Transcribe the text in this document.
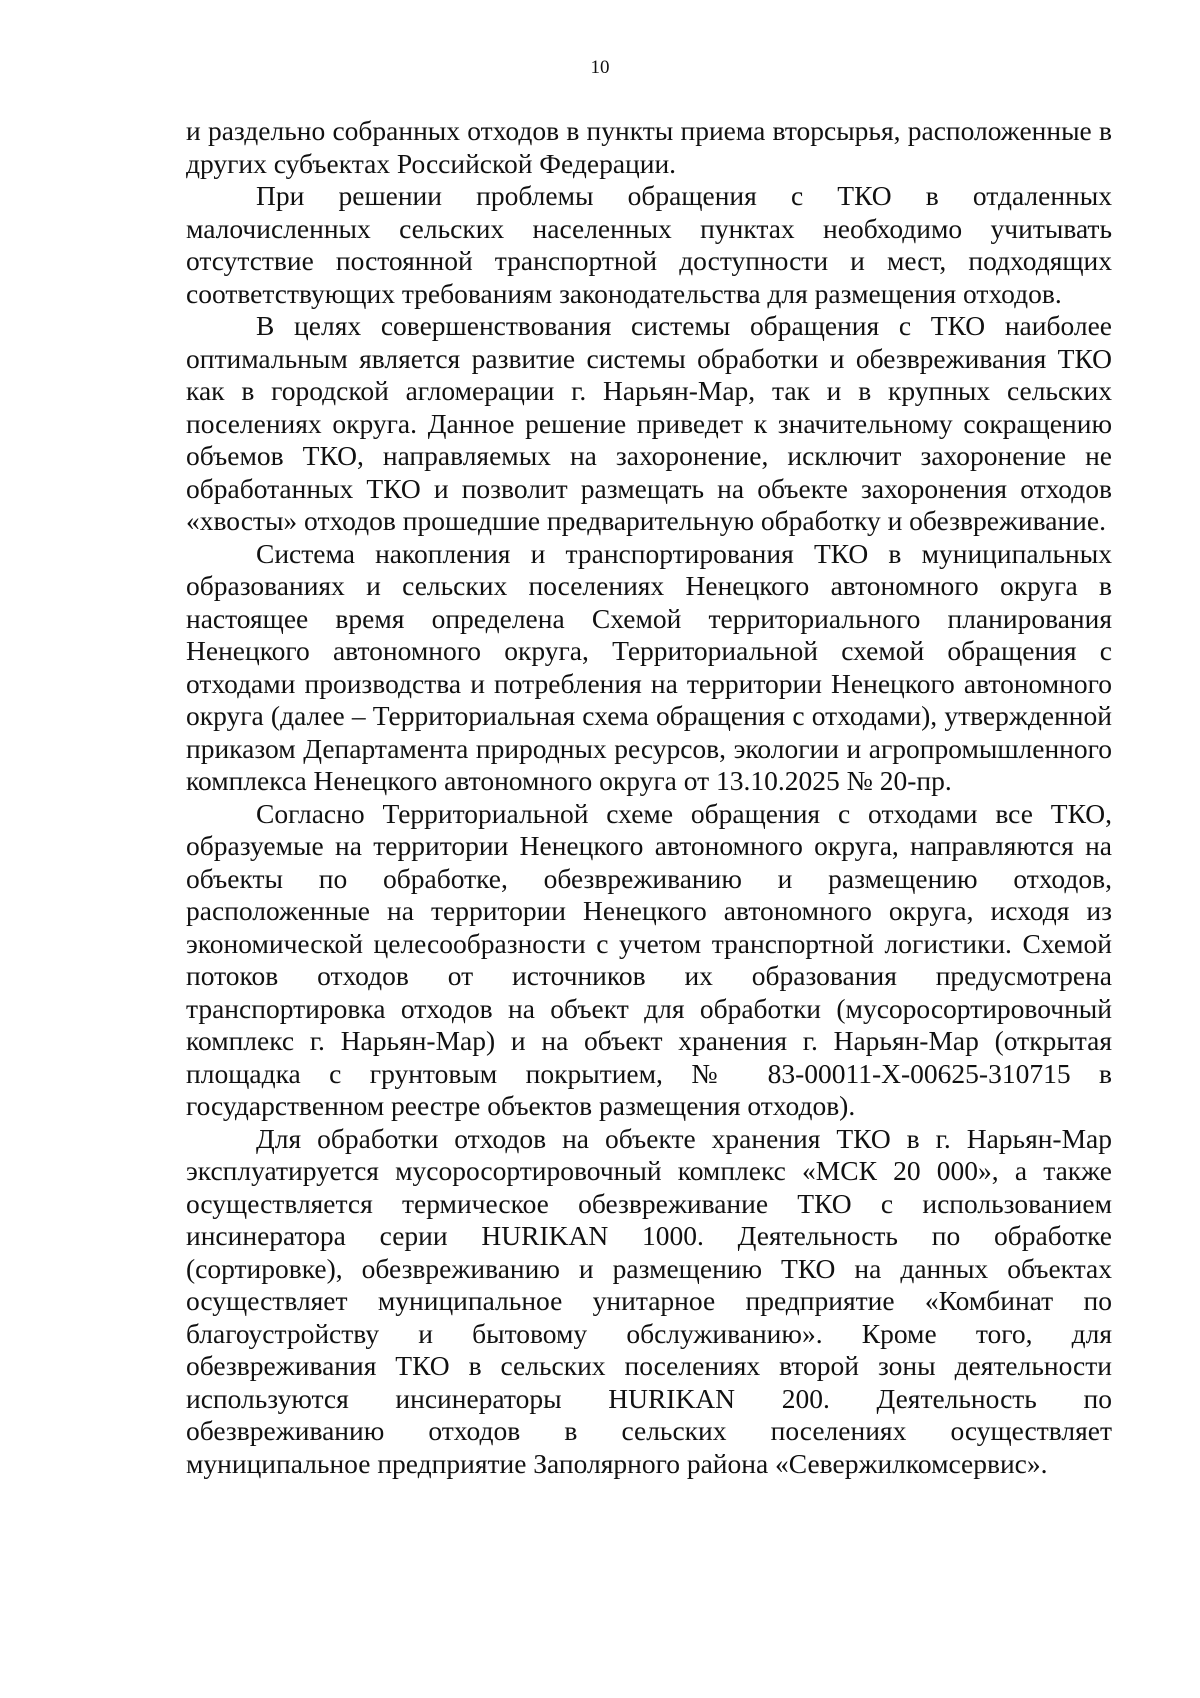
10

и раздельно собранных отходов в пункты приема вторсырья, расположенные в других субъектах Российской Федерации.

При решении проблемы обращения с ТКО в отдаленных малочисленных сельских населенных пунктах необходимо учитывать отсутствие постоянной транспортной доступности и мест, подходящих соответствующих требованиям законодательства для размещения отходов.

В целях совершенствования системы обращения с ТКО наиболее оптимальным является развитие системы обработки и обезвреживания ТКО как в городской агломерации г. Нарьян-Мар, так и в крупных сельских поселениях округа. Данное решение приведет к значительному сокращению объемов ТКО, направляемых на захоронение, исключит захоронение не обработанных ТКО и позволит размещать на объекте захоронения отходов «хвосты» отходов прошедшие предварительную обработку и обезвреживание.

Система накопления и транспортирования ТКО в муниципальных образованиях и сельских поселениях Ненецкого автономного округа в настоящее время определена Схемой территориального планирования Ненецкого автономного округа, Территориальной схемой обращения с отходами производства и потребления на территории Ненецкого автономного округа (далее – Территориальная схема обращения с отходами), утвержденной приказом Департамента природных ресурсов, экологии и агропромышленного комплекса Ненецкого автономного округа от 13.10.2025 № 20-пр.

Согласно Территориальной схеме обращения с отходами все ТКО, образуемые на территории Ненецкого автономного округа, направляются на объекты по обработке, обезвреживанию и размещению отходов, расположенные на территории Ненецкого автономного округа, исходя из экономической целесообразности с учетом транспортной логистики. Схемой потоков отходов от источников их образования предусмотрена транспортировка отходов на объект для обработки (мусоросортировочный комплекс г. Нарьян-Мар) и на объект хранения г. Нарьян-Мар (открытая площадка с грунтовым покрытием, № 83-00011-Х-00625-310715 в государственном реестре объектов размещения отходов).

Для обработки отходов на объекте хранения ТКО в г. Нарьян-Мар эксплуатируется мусоросортировочный комплекс «МСК 20 000», а также осуществляется термическое обезвреживание ТКО с использованием инсинератора серии HURIKAN 1000. Деятельность по обработке (сортировке), обезвреживанию и размещению ТКО на данных объектах осуществляет муниципальное унитарное предприятие «Комбинат по благоустройству и бытовому обслуживанию». Кроме того, для обезвреживания ТКО в сельских поселениях второй зоны деятельности используются инсинераторы HURIKAN 200. Деятельность по обезвреживанию отходов в сельских поселениях осуществляет муниципальное предприятие Заполярного района «Севержилкомсервис».
